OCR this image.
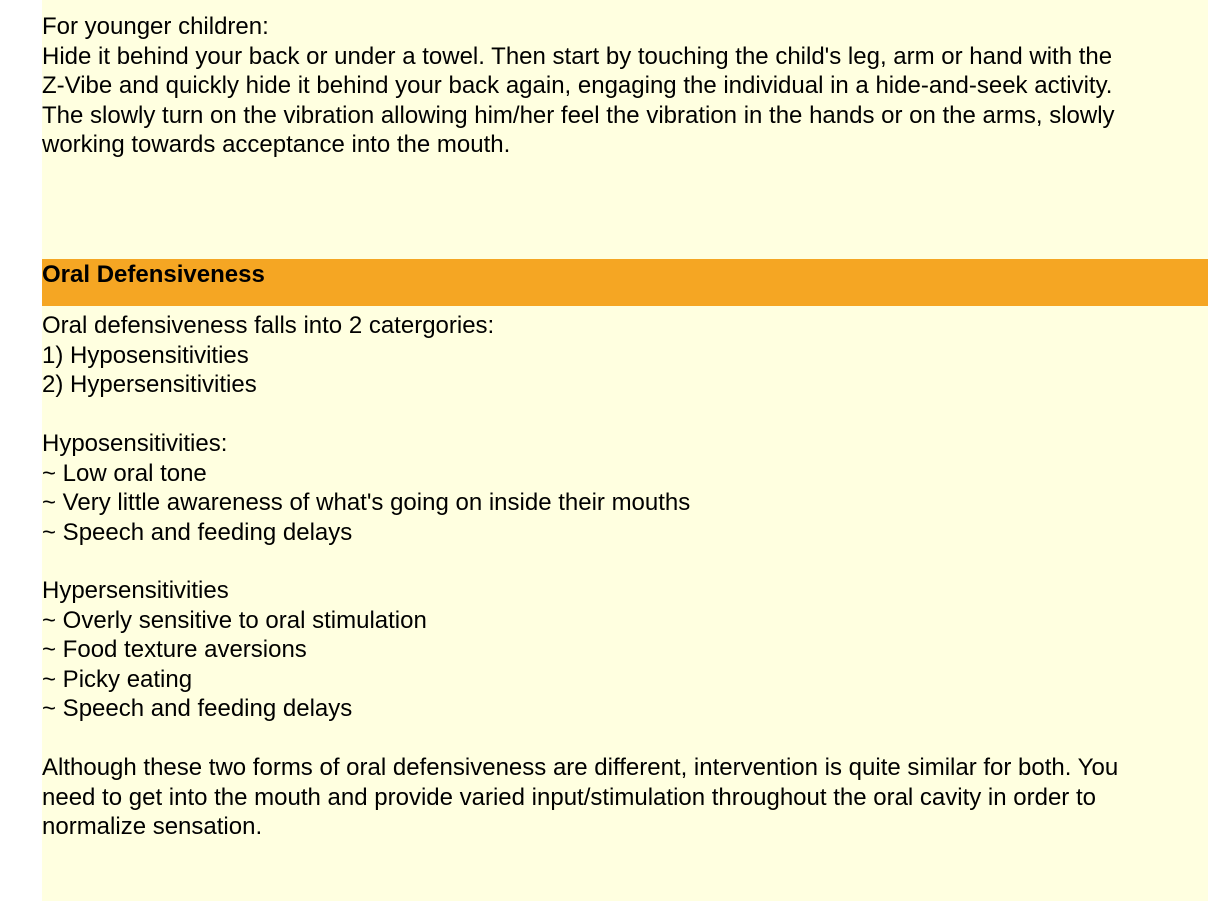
For younger children:
Hide it behind your back or under a towel. Then start by touching the child's leg, arm or hand with the
Z-Vibe and quickly hide it behind your back again, engaging the individual in a hide-and-seek activity.
The slowly turn on the vibration allowing him/her feel the vibration in the hands or on the arms, slowly
working towards acceptance into the mouth.
Oral Defensiveness
Oral defensiveness falls into 2 catergories:
1) Hyposensitivities
2) Hypersensitivities
Hyposensitivities:
~ Low oral tone
~ Very little awareness of what's going on inside their mouths
~ Speech and feeding delays
Hypersensitivities
~ Overly sensitive to oral stimulation
~ Food texture aversions
~ Picky eating
~ Speech and feeding delays
Although these two forms of oral defensiveness are different, intervention is quite similar for both. You
need to get into the mouth and provide varied input/stimulation throughout the oral cavity in order to
normalize sensation.
